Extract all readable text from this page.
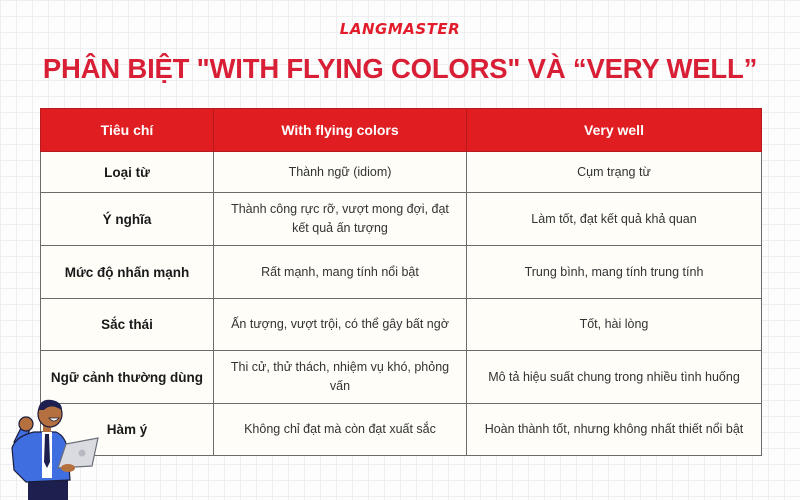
LANGMASTER
PHÂN BIỆT "WITH FLYING COLORS" VÀ “VERY WELL”
Tiêu chí	With flying colors	Very well
Loại từ	Thành ngữ (idiom)	Cụm trạng từ
Ý nghĩa	Thành công rực rỡ, vượt mong đợi, đạt kết quả ấn tượng	Làm tốt, đạt kết quả khả quan
Mức độ nhấn mạnh	Rất mạnh, mang tính nổi bật	Trung bình, mang tính trung tính
Sắc thái	Ấn tượng, vượt trội, có thể gây bất ngờ	Tốt, hài lòng
Ngữ cảnh thường dùng	Thi cử, thử thách, nhiệm vụ khó, phỏng vấn	Mô tả hiệu suất chung trong nhiều tình huống
Hàm ý	Không chỉ đạt mà còn đạt xuất sắc	Hoàn thành tốt, nhưng không nhất thiết nổi bật
